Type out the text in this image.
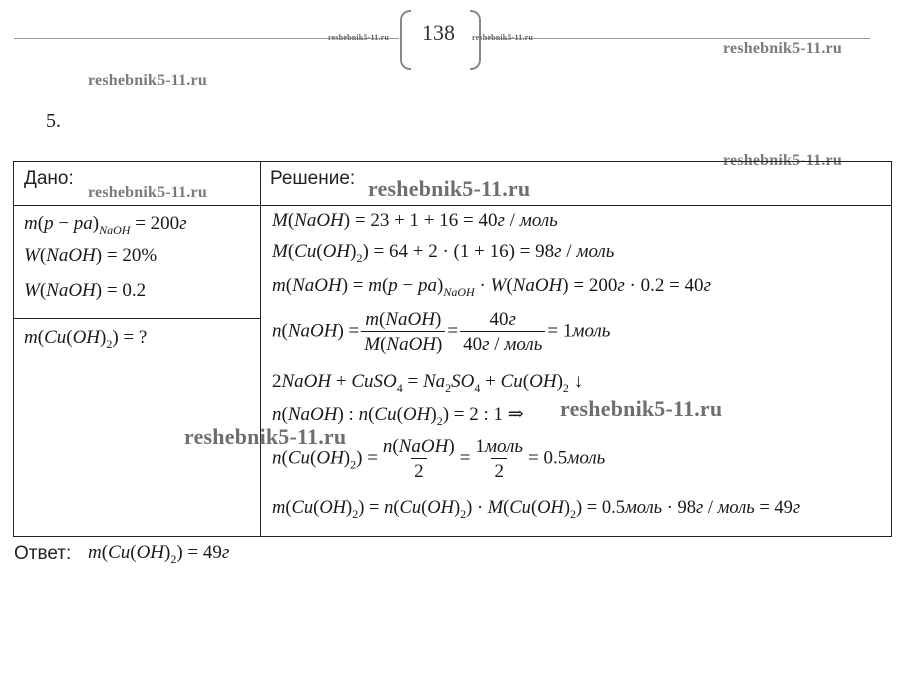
138
reshebnik5-11.ru	reshebnik5-11.ru
reshebnik5-11.ru
reshebnik5-11.ru
5.
reshebnik5-11.ru
Дано:	Решение:
reshebnik5-11.ru	reshebnik5-11.ru
$m(p - pa)_{NaOH} = 200г$
W(NaOH) = 20%
W(NaOH) = 0.2
$m(Cu(OH)_2)$ = ?
M(NaOH) = 23 + 1 + 16 = 40г / моль
$M(Cu(OH)_2) = 64 + 2 \cdot (1 + 16) = 98г$ / моль
m(NaOH) = $m(p - pa)_{NaOH}$ · W(NaOH) = 200г · 0.2 = 40г
n(NaOH) = $\frac{\text{m(NaOH)}}{\text{M(NaOH)}} = \frac{40г}{\text{40г / моль}}$ = 1моль
2NaOH + CuSO$_4$ = $Na_2SO_4 + Cu(OH)_2$ ↓
n(NaOH) : $n(Cu(OH)_2) = 2$ : 1 ⇒ reshebnik5-11.ru
reshebnik5-11.ru
$n(Cu(OH)_2) = \frac{\text{n(NaOH)}}{2} = \frac{\text{1моль}}{2}$ = 0.5моль
$m(Cu(OH)_2) = n(Cu(OH)_2) \cdot M(Cu(OH)_2)$ = 0.5моль · 98г / моль = 49г
Ответ: $m(Cu(OH)_2) = 49г$
